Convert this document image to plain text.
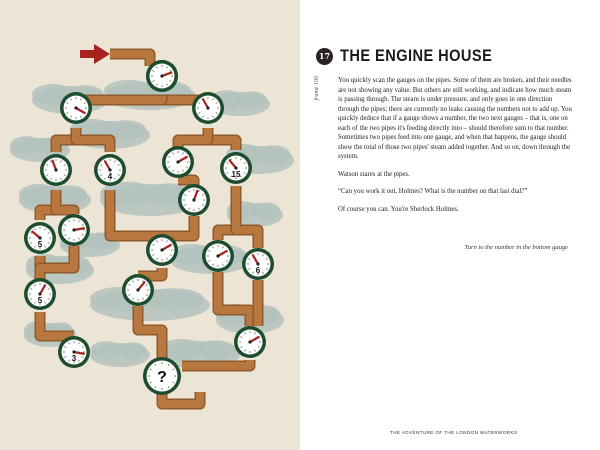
4	15
5
6
5
3
?
17 THE ENGINE HOUSE
frame 100	You quickly scan the gauges on the pipes. Some of them are broken, and their needles are not showing any value. But others are still working, and indicate how much steam is passing through. The steam is under pressure, and only goes in one direction through the pipes; there are currently no leaks causing the numbers not to add up. You quickly deduce that if a gauge shows a number, the two next gauges – that is, one on each of the two pipes it's feeding directly into – should therefore sum to that number. Sometimes two pipes feed into one gauge, and when that happens, the gauge should show the total of those two pipes' steam added together. And so on, down through the system.

Watson stares at the pipes.

“Can you work it out, Holmes? What is the number on that last dial?”

Of course you can. You're Sherlock Holmes.

Turn to the number in the bottom gauge
THE ADVENTURE OF THE LONDON WATERWORKS
